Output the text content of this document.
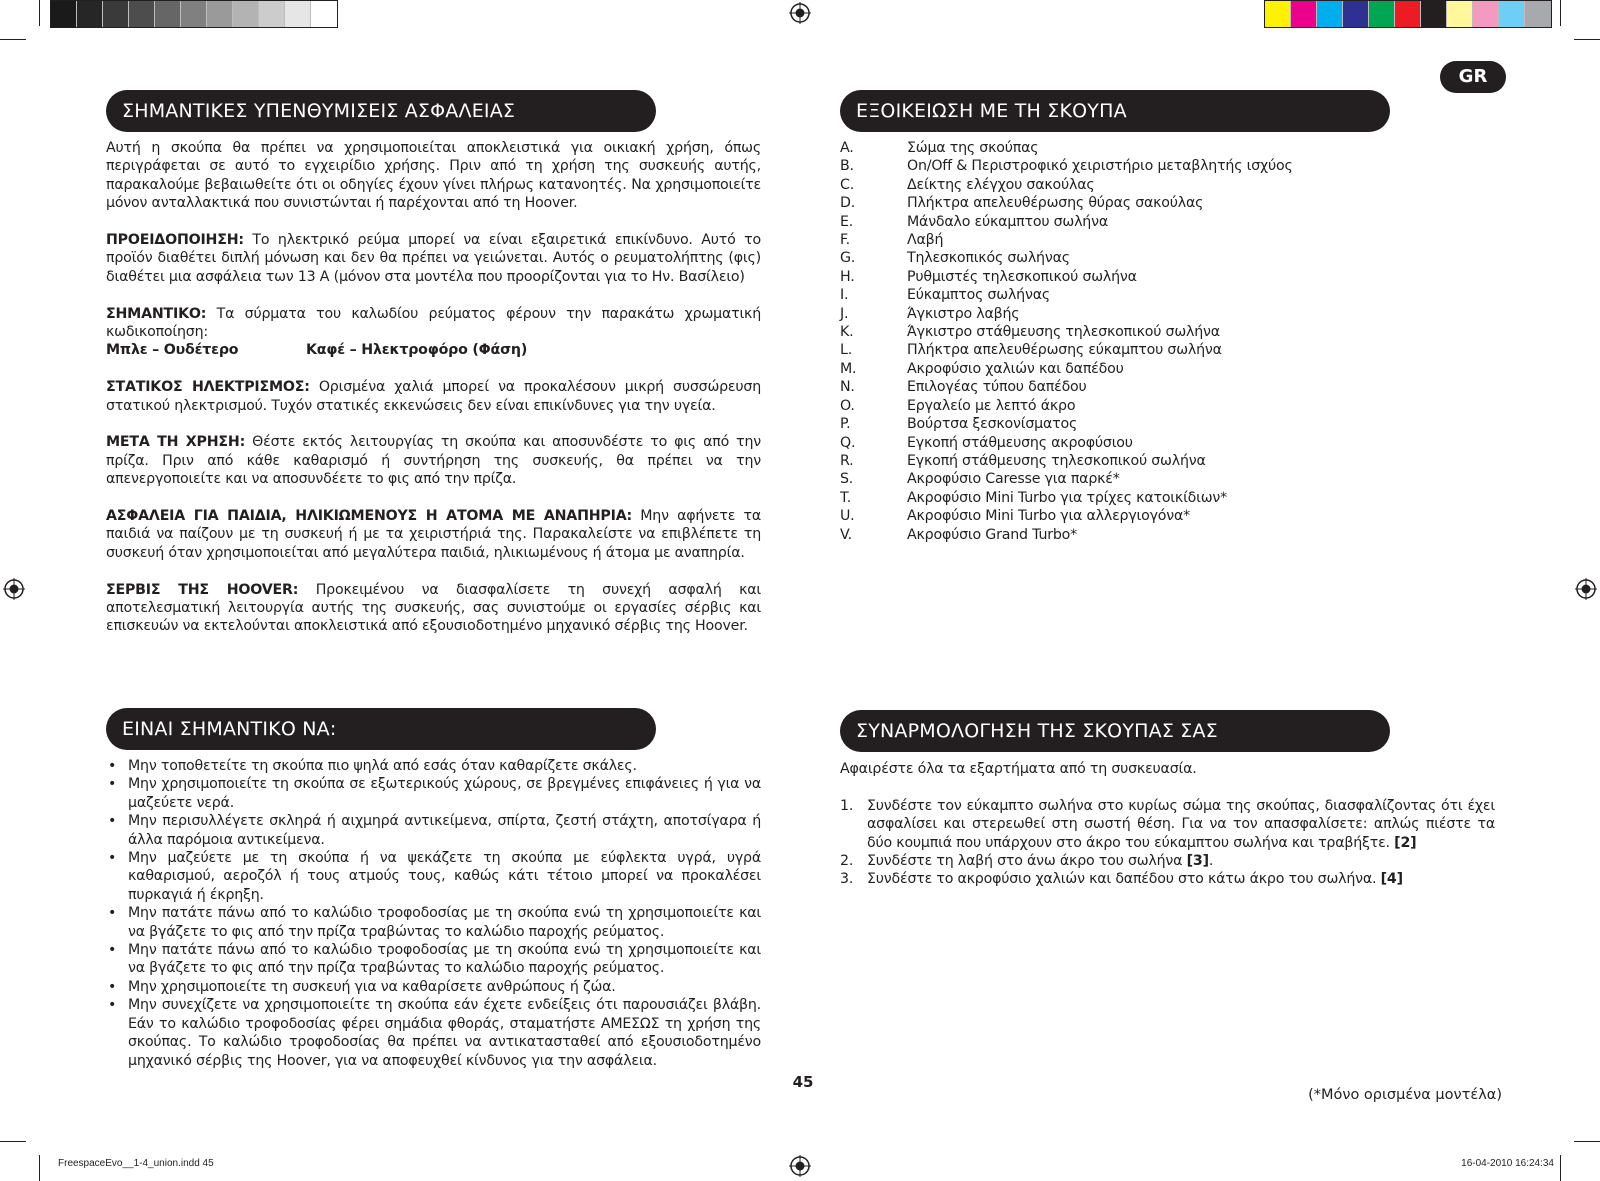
GR
ΣΗΜΑΝΤΙΚΕΣ ΥΠΕΝΘΥΜΙΣΕΙΣ ΑΣΦΑΛΕΙΑΣ

Αυτή η σκούπα θα πρέπει να χρησιμοποιείται αποκλειστικά για οικιακή χρήση, όπως περιγράφεται σε αυτό το εγχειρίδιο χρήσης. Πριν από τη χρήση της συσκευής αυτής, παρακαλούμε βεβαιωθείτε ότι οι οδηγίες έχουν γίνει πλήρως κατανοητές. Να χρησιμοποιείτε μόνον ανταλλακτικά που συνιστώνται ή παρέχονται από τη Hoover.

ΠΡΟΕΙΔΟΠΟΙΗΣΗ: Το ηλεκτρικό ρεύμα μπορεί να είναι εξαιρετικά επικίνδυνο. Αυτό το προϊόν διαθέτει διπλή μόνωση και δεν θα πρέπει να γειώνεται. Αυτός ο ρευματολήπτης (φις) διαθέτει μια ασφάλεια των 13 A (μόνον στα μοντέλα που προορίζονται για το Ην. Βασίλειο)

ΣΗΜΑΝΤΙΚΟ: Τα σύρματα του καλωδίου ρεύματος φέρουν την παρακάτω χρωματική κωδικοποίηση:

Μπλε – Ουδέτερο	Καφέ – Ηλεκτροφόρο (Φάση)

ΣΤΑΤΙΚΟΣ ΗΛΕΚΤΡΙΣΜΟΣ: Ορισμένα χαλιά μπορεί να προκαλέσουν μικρή συσσώρευση στατικού ηλεκτρισμού. Τυχόν στατικές εκκενώσεις δεν είναι επικίνδυνες για την υγεία.

ΜΕΤΑ ΤΗ ΧΡΗΣΗ: Θέστε εκτός λειτουργίας τη σκούπα και αποσυνδέστε το φις από την πρίζα. Πριν από κάθε καθαρισμό ή συντήρηση της συσκευής, θα πρέπει να την απενεργοποιείτε και να αποσυνδέετε το φις από την πρίζα.

ΑΣΦΑΛΕΙΑ ΓΙΑ ΠΑΙΔΙΑ, ΗΛΙΚΙΩΜΕΝΟΥΣ Η ΑΤΟΜΑ ΜΕ ΑΝΑΠΗΡΙΑ: Μην αφήνετε τα παιδιά να παίζουν με τη συσκευή ή με τα χειριστήριά της. Παρακαλείστε να επιβλέπετε τη συσκευή όταν χρησιμοποιείται από μεγαλύτερα παιδιά, ηλικιωμένους ή άτομα με αναπηρία.

ΣΕΡΒΙΣ ΤΗΣ HOOVER: Προκειμένου να διασφαλίσετε τη συνεχή ασφαλή και αποτελεσματική λειτουργία αυτής της συσκευής, σας συνιστούμε οι εργασίες σέρβις και επισκευών να εκτελούνται αποκλειστικά από εξουσιοδοτημένο μηχανικό σέρβις της Hoover.

ΕΙΝΑΙ ΣΗΜΑΝΤΙΚΟ ΝΑ:
• Μην τοποθετείτε τη σκούπα πιο ψηλά από εσάς όταν καθαρίζετε σκάλες.
• Μην χρησιμοποιείτε τη σκούπα σε εξωτερικούς χώρους, σε βρεγμένες επιφάνειες ή για να μαζεύετε νερά.
• Μην περισυλλέγετε σκληρά ή αιχμηρά αντικείμενα, σπίρτα, ζεστή στάχτη, αποτσίγαρα ή άλλα παρόμοια αντικείμενα.
• Μην μαζεύετε με τη σκούπα ή να ψεκάζετε τη σκούπα με εύφλεκτα υγρά, υγρά καθαρισμού, αεροζόλ ή τους ατμούς τους, καθώς κάτι τέτοιο μπορεί να προκαλέσει πυρκαγιά ή έκρηξη.
• Μην πατάτε πάνω από το καλώδιο τροφοδοσίας με τη σκούπα ενώ τη χρησιμοποιείτε και να βγάζετε το φις από την πρίζα τραβώντας το καλώδιο παροχής ρεύματος.
• Μην πατάτε πάνω από το καλώδιο τροφοδοσίας με τη σκούπα ενώ τη χρησιμοποιείτε και να βγάζετε το φις από την πρίζα τραβώντας το καλώδιο παροχής ρεύματος.
• Μην χρησιμοποιείτε τη συσκευή για να καθαρίσετε ανθρώπους ή ζώα.
• Μην συνεχίζετε να χρησιμοποιείτε τη σκούπα εάν έχετε ενδείξεις ότι παρουσιάζει βλάβη. Εάν το καλώδιο τροφοδοσίας φέρει σημάδια φθοράς, σταματήστε ΑΜΕΣΩΣ τη χρήση της σκούπας. Το καλώδιο τροφοδοσίας θα πρέπει να αντικατασταθεί από εξουσιοδοτημένο μηχανικό σέρβις της Hoover, για να αποφευχθεί κίνδυνος για την ασφάλεια.
ΕΞΟΙΚΕΙΩΣΗ ΜΕ ΤΗ ΣΚΟΥΠΑ
A.	Σώμα της σκούπας
B.	On/Off & Περιστροφικό χειριστήριο μεταβλητής ισχύος
C.	Δείκτης ελέγχου σακούλας
D.	Πλήκτρα απελευθέρωσης θύρας σακούλας
E.	Μάνδαλο εύκαμπτου σωλήνα
F.	Λαβή
G.	Τηλεσκοπικός σωλήνας
H.	Ρυθμιστές τηλεσκοπικού σωλήνα
I.	Εύκαμπτος σωλήνας
J.	Άγκιστρο λαβής
K.	Άγκιστρο στάθμευσης τηλεσκοπικού σωλήνα
L.	Πλήκτρα απελευθέρωσης εύκαμπτου σωλήνα
M.	Ακροφύσιο χαλιών και δαπέδου
N.	Επιλογέας τύπου δαπέδου
O.	Εργαλείο με λεπτό άκρο
P.	Βούρτσα ξεσκονίσματος
Q.	Εγκοπή στάθμευσης ακροφύσιου
R.	Εγκοπή στάθμευσης τηλεσκοπικού σωλήνα
S.	Ακροφύσιο Caresse για παρκέ*
T.	Ακροφύσιο Mini Turbo για τρίχες κατοικίδιων*
U.	Ακροφύσιο Mini Turbo για αλλεργιογόνα*
V.	Ακροφύσιο Grand Turbo*
ΣΥΝΑΡΜΟΛΟΓΗΣΗ ΤΗΣ ΣΚΟΥΠΑΣ ΣΑΣ

Αφαιρέστε όλα τα εξαρτήματα από τη συσκευασία.

1. Συνδέστε τον εύκαμπτο σωλήνα στο κυρίως σώμα της σκούπας, διασφαλίζοντας ότι έχει ασφαλίσει και στερεωθεί στη σωστή θέση. Για να τον απασφαλίσετε: απλώς πιέστε τα δύο κουμπιά που υπάρχουν στο άκρο του εύκαμπτου σωλήνα και τραβήξτε. [2]
2. Συνδέστε τη λαβή στο άνω άκρο του σωλήνα [3].
3. Συνδέστε το ακροφύσιο χαλιών και δαπέδου στο κάτω άκρο του σωλήνα. [4]
45
(*Μόνο ορισμένα μοντέλα)
FreespaceEvo__1-4_union.indd 45	16-04-2010 16:24:34
